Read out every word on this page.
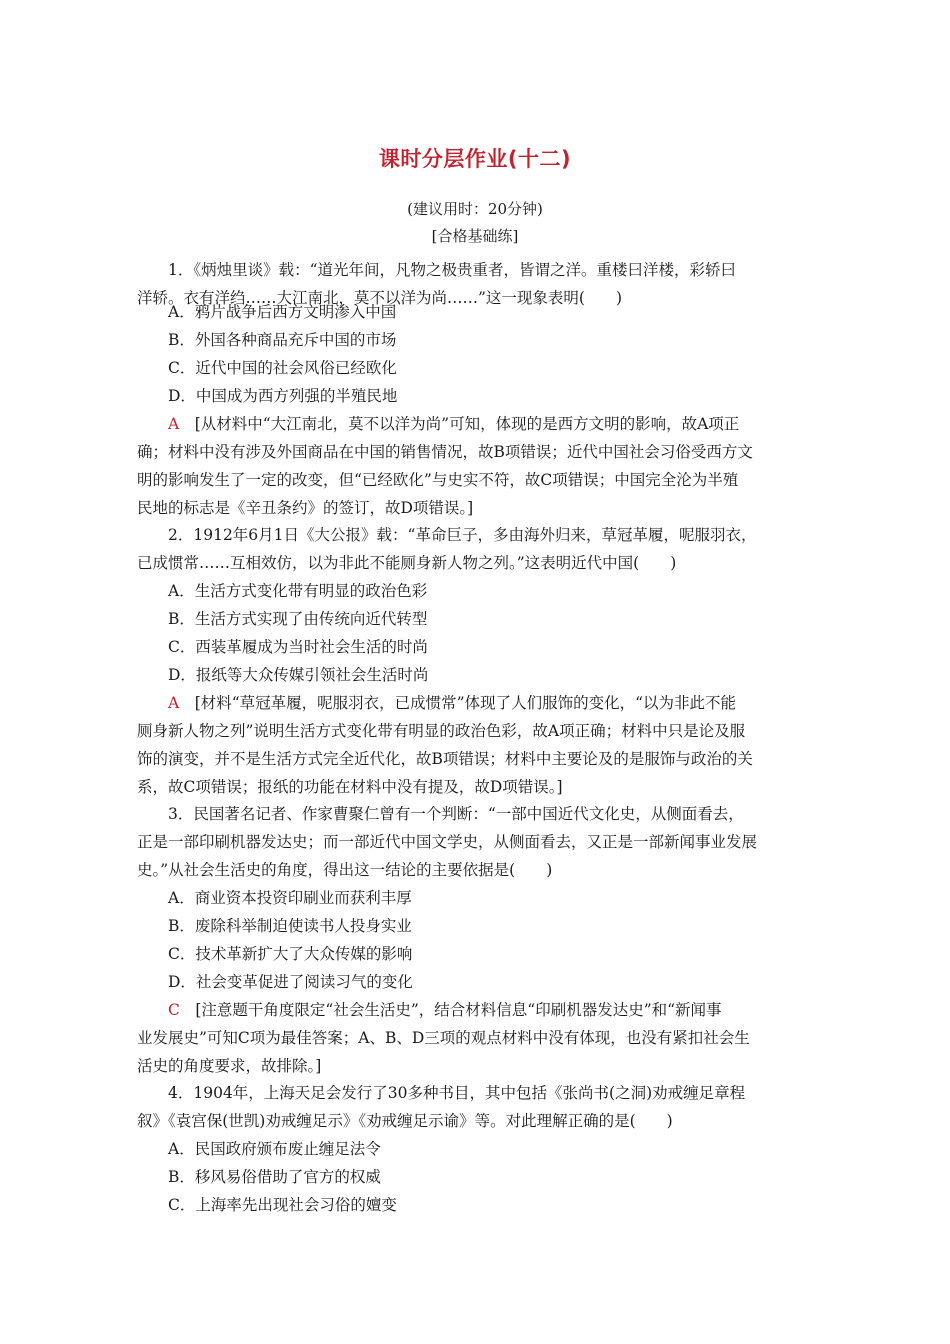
课时分层作业(十二)
(建议用时：20分钟)
[合格基础练]
1．《炳烛里谈》载：“道光年间，凡物之极贵重者，皆谓之洋。重楼曰洋楼，彩轿曰
洋轿。衣有洋绉……大江南北，莫不以洋为尚……”这一现象表明(　　)
A．鸦片战争后西方文明渗入中国
B．外国各种商品充斥中国的市场
C．近代中国的社会风俗已经欧化
D．中国成为西方列强的半殖民地
A　[从材料中“大江南北，莫不以洋为尚”可知，体现的是西方文明的影响，故A项正
确；材料中没有涉及外国商品在中国的销售情况，故B项错误；近代中国社会习俗受西方文
明的影响发生了一定的改变，但“已经欧化”与史实不符，故C项错误；中国完全沦为半殖
民地的标志是《辛丑条约》的签订，故D项错误。]
2．1912年6月1日《大公报》载：“革命巨子，多由海外归来，草冠革履，呢服羽衣，
已成惯常……互相效仿，以为非此不能厕身新人物之列。”这表明近代中国(　　)
A．生活方式变化带有明显的政治色彩
B．生活方式实现了由传统向近代转型
C．西装革履成为当时社会生活的时尚
D．报纸等大众传媒引领社会生活时尚
A　[材料“草冠革履，呢服羽衣，已成惯常”体现了人们服饰的变化，“以为非此不能
厕身新人物之列”说明生活方式变化带有明显的政治色彩，故A项正确；材料中只是论及服
饰的演变，并不是生活方式完全近代化，故B项错误；材料中主要论及的是服饰与政治的关
系，故C项错误；报纸的功能在材料中没有提及，故D项错误。]
3．民国著名记者、作家曹聚仁曾有一个判断：“一部中国近代文化史，从侧面看去，
正是一部印刷机器发达史；而一部近代中国文学史，从侧面看去，又正是一部新闻事业发展
史。”从社会生活史的角度，得出这一结论的主要依据是(　　)
A．商业资本投资印刷业而获利丰厚
B．废除科举制迫使读书人投身实业
C．技术革新扩大了大众传媒的影响
D．社会变革促进了阅读习气的变化
C　[注意题干角度限定“社会生活史”，结合材料信息“印刷机器发达史”和“新闻事
业发展史”可知C项为最佳答案；A、B、D三项的观点材料中没有体现，也没有紧扣社会生
活史的角度要求，故排除。]
4．1904年，上海天足会发行了30多种书目，其中包括《张尚书(之洞)劝戒缠足章程
叙》《袁宫保(世凯)劝戒缠足示》《劝戒缠足示谕》等。对此理解正确的是(　　)
A．民国政府颁布废止缠足法令
B．移风易俗借助了官方的权威
C．上海率先出现社会习俗的嬗变
